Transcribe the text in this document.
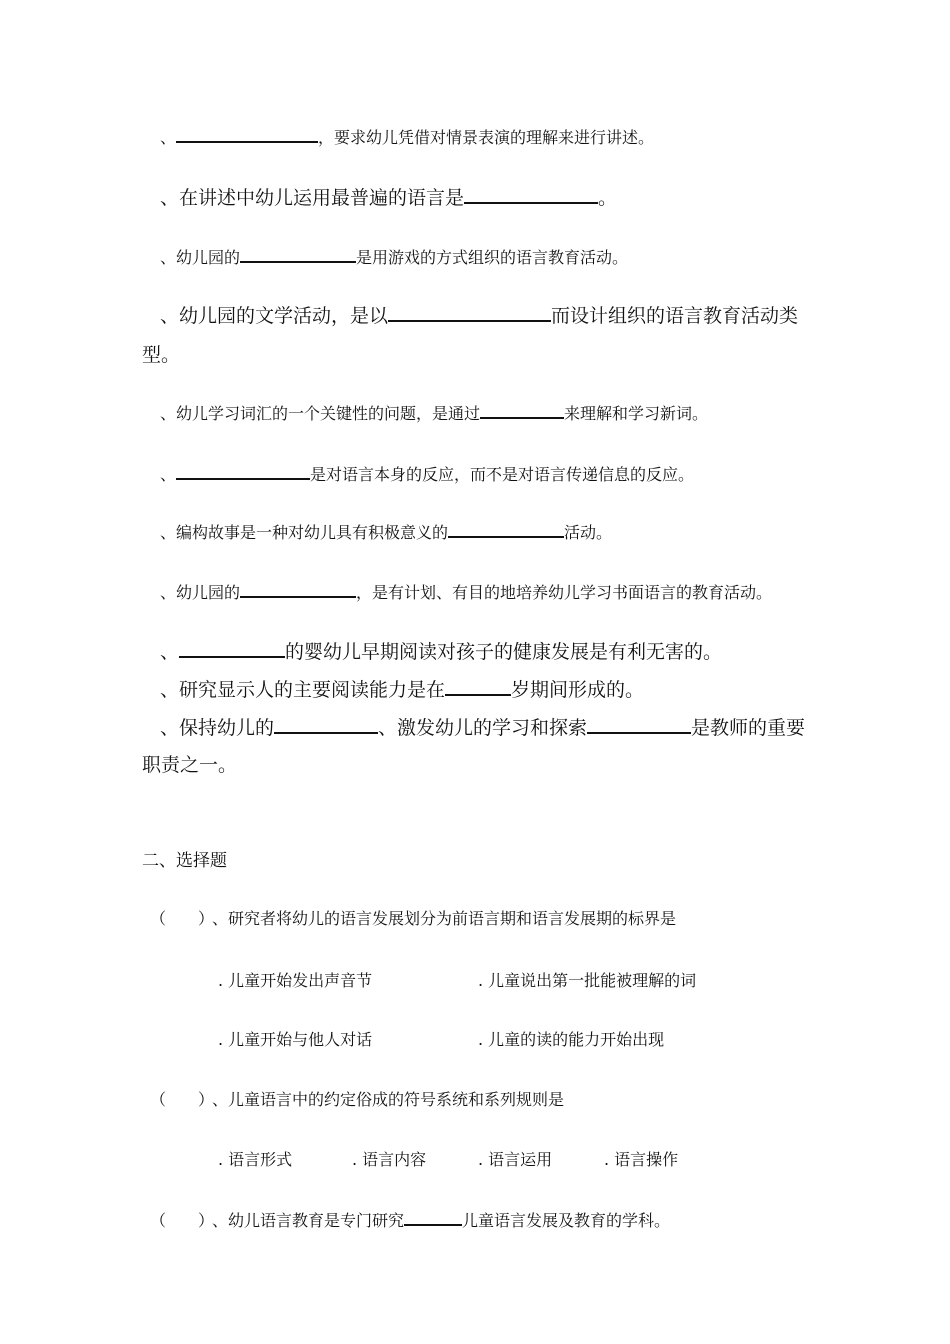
、	，要求幼儿凭借对情景表演的理解来进行讲述。
、在讲述中幼儿运用最普遍的语言是	。
、幼儿园的	是用游戏的方式组织的语言教育活动。
、幼儿园的文学活动，是以	而设计组织的语言教育活动类
型。
、幼儿学习词汇的一个关键性的问题，是通过	来理解和学习新词。
、	是对语言本身的反应，而不是对语言传递信息的反应。
、编构故事是一种对幼儿具有积极意义的	活动。
、幼儿园的	，是有计划、有目的地培养幼儿学习书面语言的教育活动。
、	的婴幼儿早期阅读对孩子的健康发展是有利无害的。
、研究显示人的主要阅读能力是在	岁期间形成的。
、保持幼儿的	、激发幼儿的学习和探索	是教师的重要
职责之一。
二、选择题
（　　）、研究者将幼儿的语言发展划分为前语言期和语言发展期的标界是
. 儿童开始发出声音节	. 儿童说出第一批能被理解的词
. 儿童开始与他人对话	. 儿童的读的能力开始出现
（　　）、儿童语言中的约定俗成的符号系统和系列规则是
. 语言形式	. 语言内容	. 语言运用	. 语言操作
（　　）、幼儿语言教育是专门研究	儿童语言发展及教育的学科。
